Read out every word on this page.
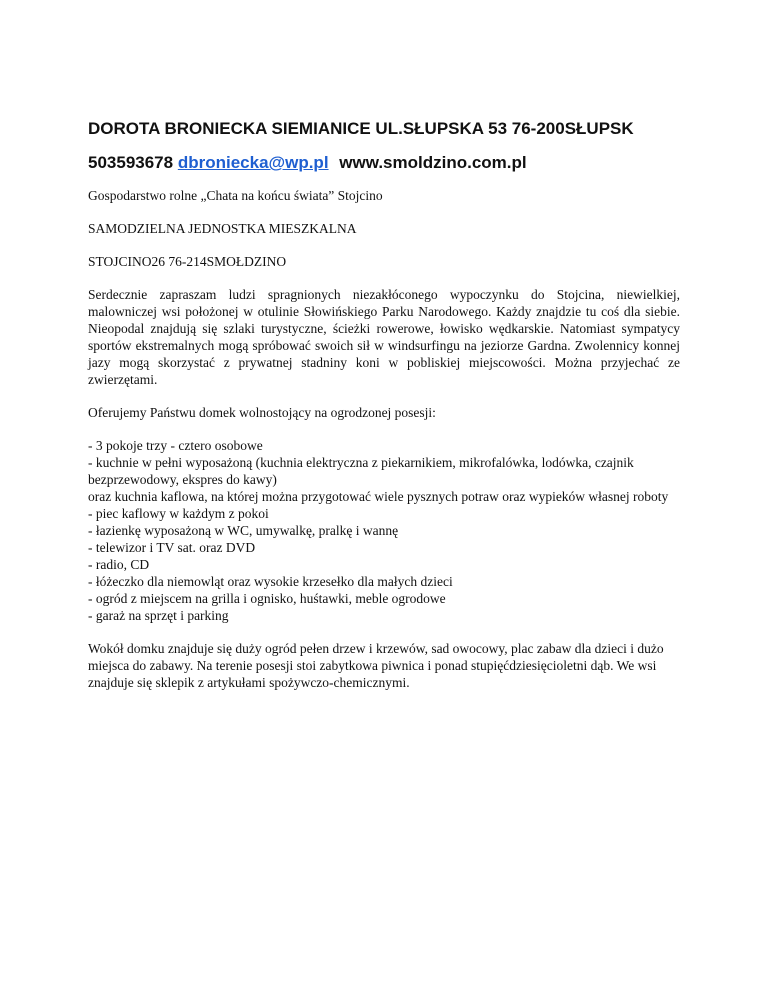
DOROTA BRONIECKA SIEMIANICE UL.SŁUPSKA 53 76-200SŁUPSK
503593678 dbroniecka@wp.pl www.smoldzino.com.pl

Gospodarstwo rolne „Chata na końcu świata” Stojcino

SAMODZIELNA JEDNOSTKA MIESZKALNA

STOJCINO26 76-214SMOŁDZINO

Serdecznie zapraszam ludzi spragnionych niezakłóconego wypoczynku do Stojcina, niewielkiej, malowniczej wsi położonej w otulinie Słowińskiego Parku Narodowego. Każdy znajdzie tu coś dla siebie. Nieopodal znajdują się szlaki turystyczne, ścieżki rowerowe, łowisko wędkarskie. Natomiast sympatycy sportów ekstremalnych mogą spróbować swoich sił w windsurfingu na jeziorze Gardna. Zwolennicy konnej jazy mogą skorzystać z prywatnej stadniny koni w pobliskiej miejscowości. Można przyjechać ze zwierzętami.

Oferujemy Państwu domek wolnostojący na ogrodzonej posesji:

- 3 pokoje trzy - cztero osobowe
- kuchnie w pełni wyposażoną (kuchnia elektryczna z piekarnikiem, mikrofalówka, lodówka, czajnik bezprzewodowy, ekspres do kawy)
oraz kuchnia kaflowa, na której można przygotować wiele pysznych potraw oraz wypieków własnej roboty
- piec kaflowy w każdym z pokoi
- łazienkę wyposażoną w WC, umywalkę, pralkę i wannę
- telewizor i TV sat. oraz DVD
- radio, CD
- łóżeczko dla niemowląt oraz wysokie krzesełko dla małych dzieci
- ogród z miejscem na grilla i ognisko, huśtawki, meble ogrodowe
- garaż na sprzęt i parking

Wokół domku znajduje się duży ogród pełen drzew i krzewów, sad owocowy, plac zabaw dla dzieci i dużo miejsca do zabawy. Na terenie posesji stoi zabytkowa piwnica i ponad stupięćdziesięcioletni dąb. We wsi znajduje się sklepik z artykułami spożywczo-chemicznymi.
